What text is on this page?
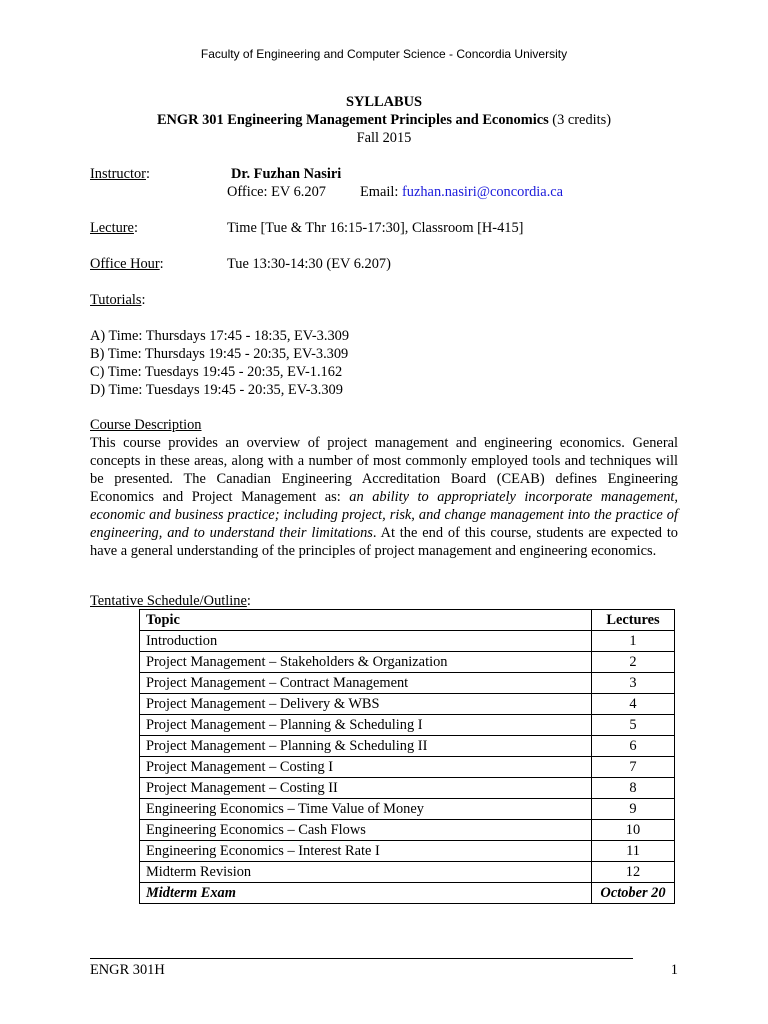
Faculty of Engineering and Computer Science - Concordia University
SYLLABUS
ENGR 301 Engineering Management Principles and Economics (3 credits)
Fall 2015
Instructor:	Dr. Fuzhan Nasiri
Office: EV 6.207 Email: fuzhan.nasiri@concordia.ca
Lecture:	Time [Tue & Thr 16:15-17:30], Classroom [H-415]
Office Hour:	Tue 13:30-14:30 (EV 6.207)
Tutorials:
A) Time: Thursdays 17:45 - 18:35, EV-3.309
B) Time: Thursdays 19:45 - 20:35, EV-3.309
C) Time: Tuesdays 19:45 - 20:35, EV-1.162
D) Time: Tuesdays 19:45 - 20:35, EV-3.309
Course Description
This course provides an overview of project management and engineering economics. General concepts in these areas, along with a number of most commonly employed tools and techniques will be presented. The Canadian Engineering Accreditation Board (CEAB) defines Engineering Economics and Project Management as: an ability to appropriately incorporate management, economic and business practice; including project, risk, and change management into the practice of engineering, and to understand their limitations. At the end of this course, students are expected to have a general understanding of the principles of project management and engineering economics.
Tentative Schedule/Outline:
Topic	Lectures
Introduction	1
Project Management – Stakeholders & Organization	2
Project Management – Contract Management	3
Project Management – Delivery & WBS	4
Project Management – Planning & Scheduling I	5
Project Management – Planning & Scheduling II	6
Project Management – Costing I	7
Project Management – Costing II	8
Engineering Economics – Time Value of Money	9
Engineering Economics – Cash Flows	10
Engineering Economics – Interest Rate I	11
Midterm Revision	12
Midterm Exam	October 20
ENGR 301H	1
